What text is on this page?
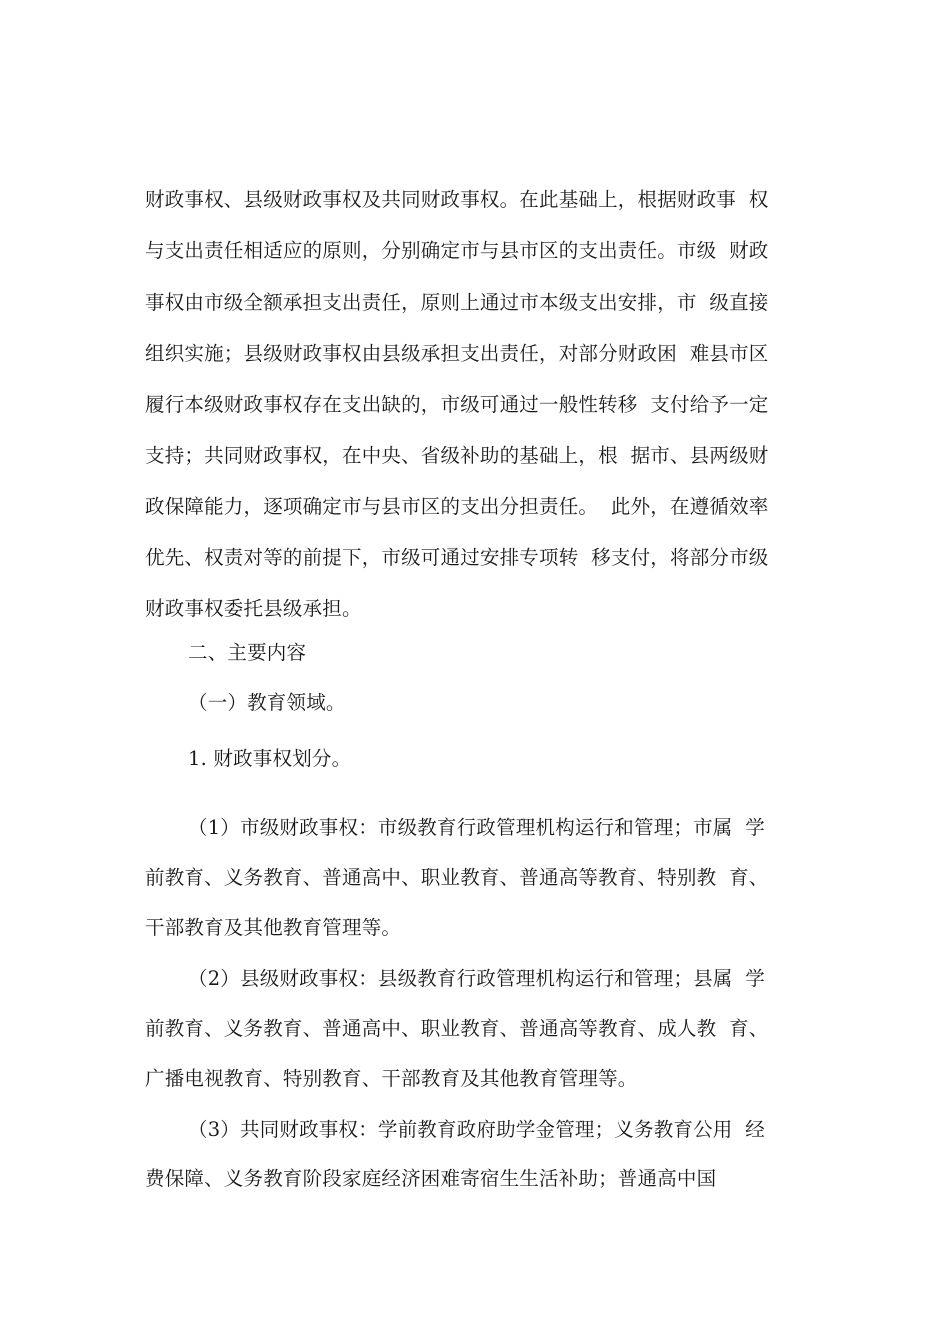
财政事权、县级财政事权及共同财政事权。在此基础上，根据财政事  权
与支出责任相适应的原则，分别确定市与县市区的支出责任。市级  财政
事权由市级全额承担支出责任，原则上通过市本级支出安排，市  级直接
组织实施；县级财政事权由县级承担支出责任，对部分财政困  难县市区
履行本级财政事权存在支出缺的，市级可通过一般性转移  支付给予一定
支持；共同财政事权，在中央、省级补助的基础上，根  据市、县两级财
政保障能力，逐项确定市与县市区的支出分担责任。  此外，在遵循效率
优先、权责对等的前提下，市级可通过安排专项转  移支付，将部分市级
财政事权委托县级承担。
二、主要内容
（一）教育领域。
1. 财政事权划分。
（1）市级财政事权：市级教育行政管理机构运行和管理；市属  学
前教育、义务教育、普通高中、职业教育、普通高等教育、特别教  育、
干部教育及其他教育管理等。
（2）县级财政事权：县级教育行政管理机构运行和管理；县属  学
前教育、义务教育、普通高中、职业教育、普通高等教育、成人教  育、
广播电视教育、特别教育、干部教育及其他教育管理等。
（3）共同财政事权：学前教育政府助学金管理；义务教育公用  经
费保障、义务教育阶段家庭经济困难寄宿生生活补助；普通高中国
